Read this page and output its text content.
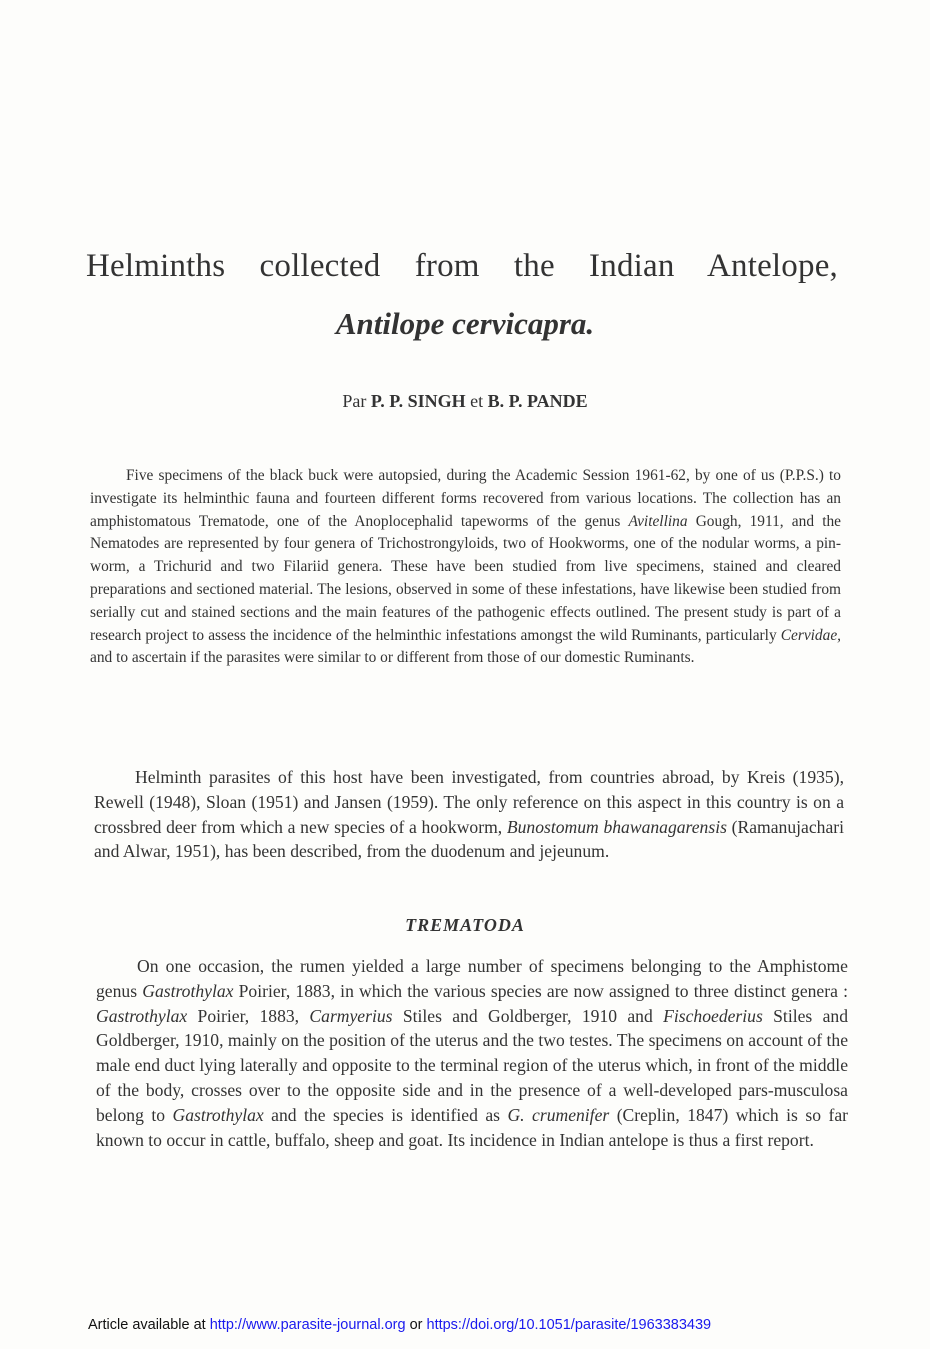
Helminths collected from the Indian Antelope,
Antilope cervicapra.
Par P. P. SINGH et B. P. PANDE

Five specimens of the black buck were autopsied, during the Academic Session 1961-62, by one of us (P.P.S.) to investigate its helminthic fauna and fourteen different forms recovered from various locations. The collection has an amphistomatous Trematode, one of the Anoplocephalid tapeworms of the genus Avitellina Gough, 1911, and the Nematodes are represented by four genera of Trichostrongyloids, two of Hookworms, one of the nodular worms, a pin-worm, a Trichurid and two Filariid genera. These have been studied from live specimens, stained and cleared preparations and sectioned material. The lesions, observed in some of these infestations, have likewise been studied from serially cut and stained sections and the main features of the pathogenic effects outlined. The present study is part of a research project to assess the incidence of the helminthic infestations amongst the wild Ruminants, particularly Cervidae, and to ascertain if the parasites were similar to or different from those of our domestic Ruminants.

Helminth parasites of this host have been investigated, from countries abroad, by Kreis (1935), Rewell (1948), Sloan (1951) and Jansen (1959). The only reference on this aspect in this country is on a crossbred deer from which a new species of a hookworm, Bunostomum bhawanagarensis (Ramanujachari and Alwar, 1951), has been described, from the duodenum and jejeunum.

TREMATODA

On one occasion, the rumen yielded a large number of specimens belonging to the Amphistome genus Gastrothylax Poirier, 1883, in which the various species are now assigned to three distinct genera : Gastrothylax Poirier, 1883, Carmyerius Stiles and Goldberger, 1910 and Fischoederius Stiles and Goldberger, 1910, mainly on the position of the uterus and the two testes. The specimens on account of the male end duct lying laterally and opposite to the terminal region of the uterus which, in front of the middle of the body, crosses over to the opposite side and in the presence of a well-developed pars-musculosa belong to Gastrothylax and the species is identified as G. crumenifer (Creplin, 1847) which is so far known to occur in cattle, buffalo, sheep and goat. Its incidence in Indian antelope is thus a first report.

Article available at http://www.parasite-journal.org or https://doi.org/10.1051/parasite/1963383439
